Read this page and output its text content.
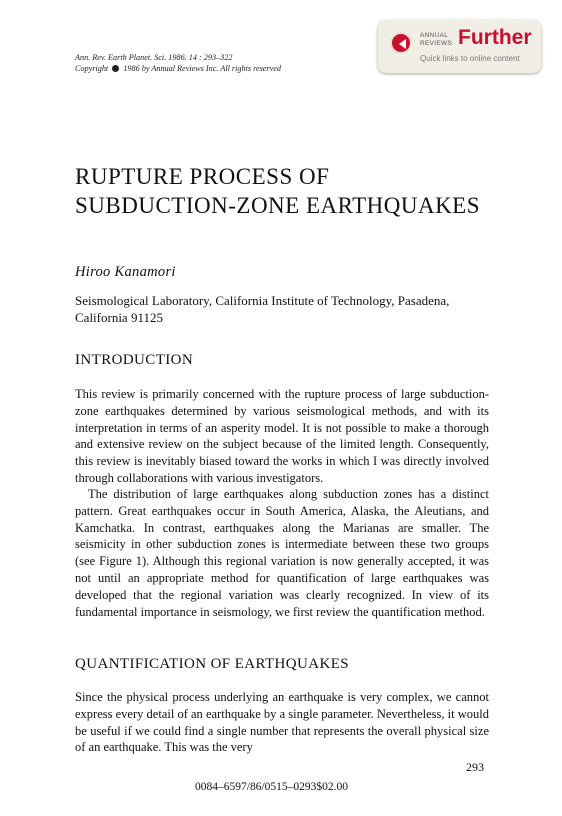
Ann. Rev. Earth Planet. Sci. 1986. 14 : 293–322
Copyright 1986 by Annual Reviews Inc. All rights reserved
ANNUAL
REVIEWS Further
Quick links to online content
RUPTURE PROCESS OF SUBDUCTION-ZONE EARTHQUAKES

Hiroo Kanamori

Seismological Laboratory, California Institute of Technology, Pasadena, California 91125

INTRODUCTION

This review is primarily concerned with the rupture process of large subduction-zone earthquakes determined by various seismological methods, and with its interpretation in terms of an asperity model. It is not possible to make a thorough and extensive review on the subject because of the limited length. Consequently, this review is inevitably biased toward the works in which I was directly involved through collaborations with various investigators.

The distribution of large earthquakes along subduction zones has a distinct pattern. Great earthquakes occur in South America, Alaska, the Aleutians, and Kamchatka. In contrast, earthquakes along the Marianas are smaller. The seismicity in other subduction zones is intermediate between these two groups (see Figure 1). Although this regional variation is now generally accepted, it was not until an appropriate method for quantification of large earthquakes was developed that the regional variation was clearly recognized. In view of its fundamental importance in seismology, we first review the quantification method.

QUANTIFICATION OF EARTHQUAKES

Since the physical process underlying an earthquake is very complex, we cannot express every detail of an earthquake by a single parameter. Nevertheless, it would be useful if we could find a single number that represents the overall physical size of an earthquake. This was the very

293
0084–6597/86/0515–0293$02.00
